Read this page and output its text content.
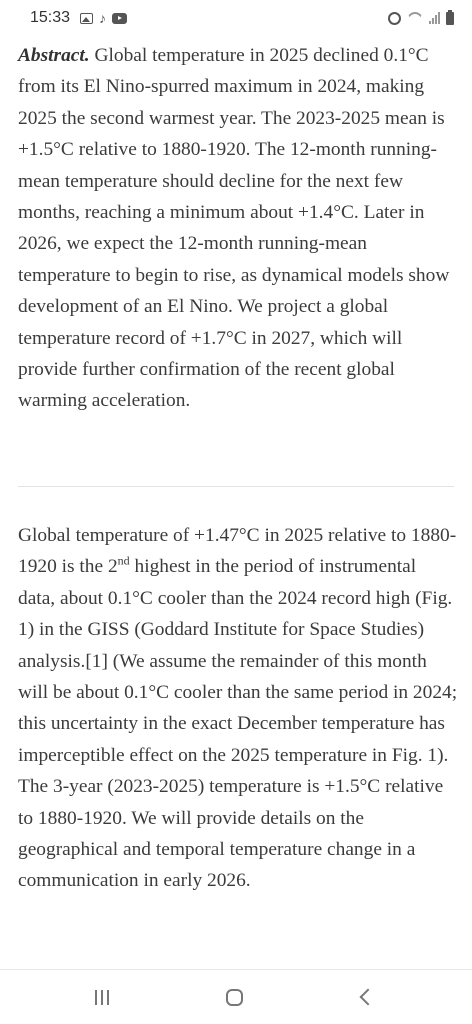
15:33 ♪

Abstract. Global temperature in 2025 declined 0.1°C from its El Nino-spurred maximum in 2024, making 2025 the second warmest year. The 2023-2025 mean is +1.5°C relative to 1880-1920. The 12-month running-mean temperature should decline for the next few months, reaching a minimum about +1.4°C. Later in 2026, we expect the 12-month running-mean temperature to begin to rise, as dynamical models show development of an El Nino. We project a global temperature record of +1.7°C in 2027, which will provide further confirmation of the recent global warming acceleration.

Global temperature of +1.47°C in 2025 relative to 1880-1920 is the 2nd highest in the period of instrumental data, about 0.1°C cooler than the 2024 record high (Fig. 1) in the GISS (Goddard Institute for Space Studies) analysis.[1] (We assume the remainder of this month will be about 0.1°C cooler than the same period in 2024; this uncertainty in the exact December temperature has imperceptible effect on the 2025 temperature in Fig. 1). The 3-year (2023-2025) temperature is +1.5°C relative to 1880-1920. We will provide details on the geographical and temporal temperature change in a communication in early 2026.
